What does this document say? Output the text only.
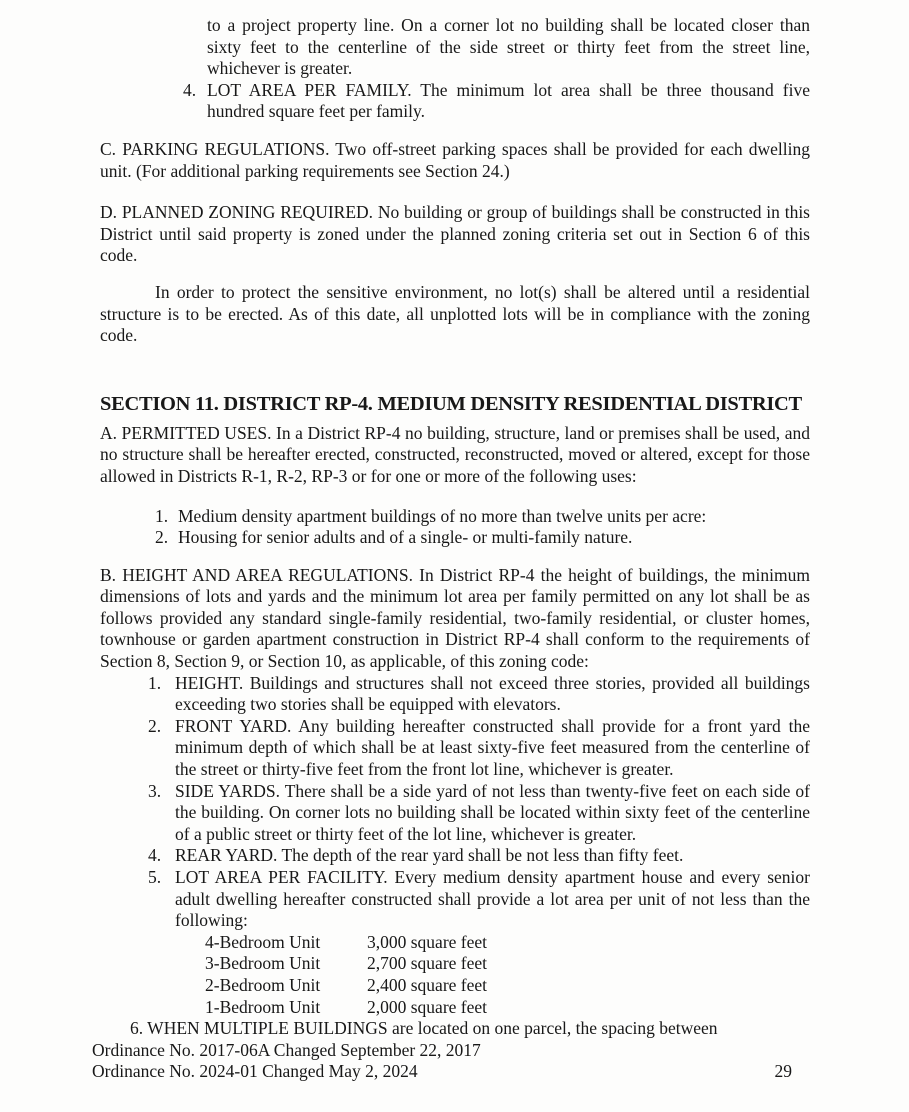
to a project property line. On a corner lot no building shall be located closer than sixty feet to the centerline of the side street or thirty feet from the street line, whichever is greater.
4. LOT AREA PER FAMILY. The minimum lot area shall be three thousand five hundred square feet per family.

C. PARKING REGULATIONS. Two off-street parking spaces shall be provided for each dwelling unit. (For additional parking requirements see Section 24.)

D. PLANNED ZONING REQUIRED. No building or group of buildings shall be constructed in this District until said property is zoned under the planned zoning criteria set out in Section 6 of this code.

In order to protect the sensitive environment, no lot(s) shall be altered until a residential structure is to be erected. As of this date, all unplotted lots will be in compliance with the zoning code.

SECTION 11. DISTRICT RP-4. MEDIUM DENSITY RESIDENTIAL DISTRICT

A. PERMITTED USES. In a District RP-4 no building, structure, land or premises shall be used, and no structure shall be hereafter erected, constructed, reconstructed, moved or altered, except for those allowed in Districts R-1, R-2, RP-3 or for one or more of the following uses:

1. Medium density apartment buildings of no more than twelve units per acre:
2. Housing for senior adults and of a single- or multi-family nature.

B. HEIGHT AND AREA REGULATIONS. In District RP-4 the height of buildings, the minimum dimensions of lots and yards and the minimum lot area per family permitted on any lot shall be as follows provided any standard single-family residential, two-family residential, or cluster homes, townhouse or garden apartment construction in District RP-4 shall conform to the requirements of Section 8, Section 9, or Section 10, as applicable, of this zoning code:

1. HEIGHT. Buildings and structures shall not exceed three stories, provided all buildings exceeding two stories shall be equipped with elevators.
2. FRONT YARD. Any building hereafter constructed shall provide for a front yard the minimum depth of which shall be at least sixty-five feet measured from the centerline of the street or thirty-five feet from the front lot line, whichever is greater.
3. SIDE YARDS. There shall be a side yard of not less than twenty-five feet on each side of the building. On corner lots no building shall be located within sixty feet of the centerline of a public street or thirty feet of the lot line, whichever is greater.
4. REAR YARD. The depth of the rear yard shall be not less than fifty feet.
5. LOT AREA PER FACILITY. Every medium density apartment house and every senior adult dwelling hereafter constructed shall provide a lot area per unit of not less than the following:
4-Bedroom Unit	3,000 square feet
3-Bedroom Unit	2,700 square feet
2-Bedroom Unit	2,400 square feet
1-Bedroom Unit	2,000 square feet
6. WHEN MULTIPLE BUILDINGS are located on one parcel, the spacing between
Ordinance No. 2017-06A Changed September 22, 2017
Ordinance No. 2024-01 Changed May 2, 2024	29
